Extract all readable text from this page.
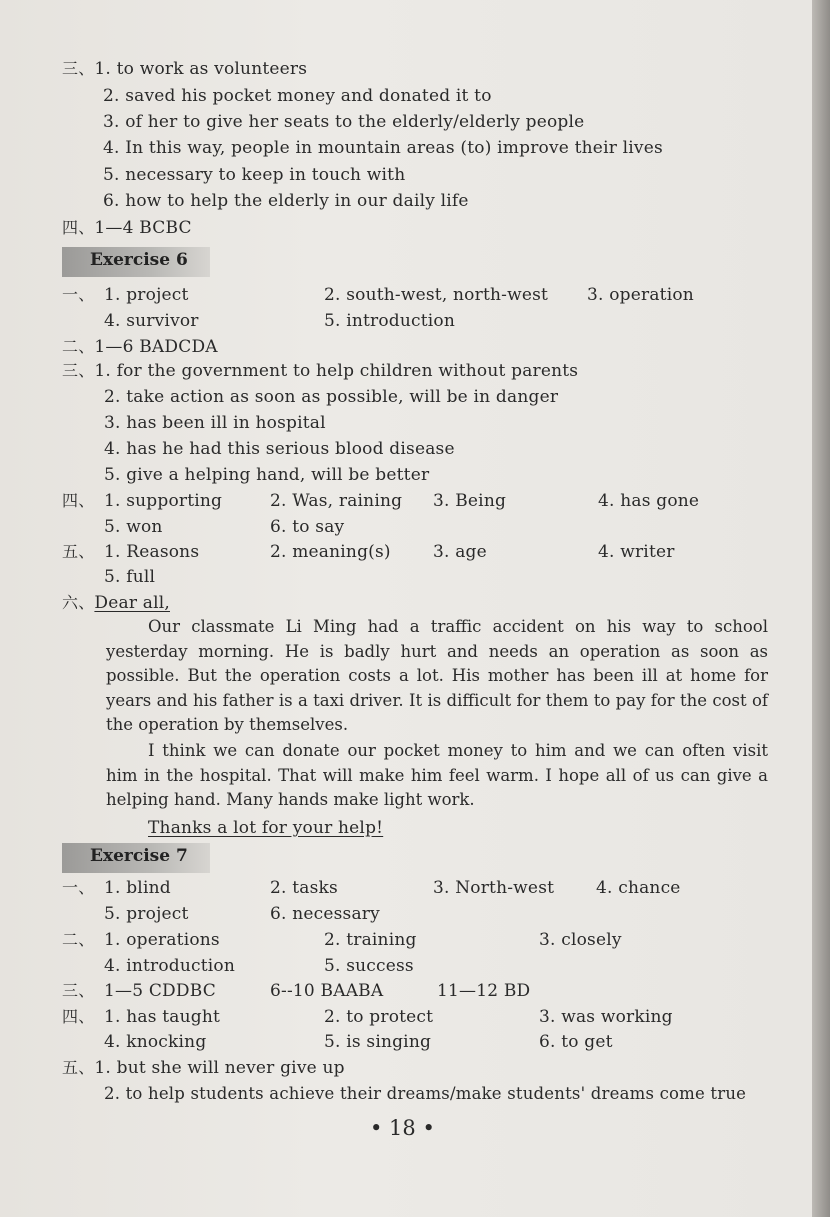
三、1. to work as volunteers
2. saved his pocket money and donated it to
3. of her to give her seats to the elderly/elderly people
4. In this way, people in mountain areas (to) improve their lives
5. necessary to keep in touch with
6. how to help the elderly in our daily life
四、1—4 BCBC
Exercise 6
一、 1. project	2. south-west, north-west 3. operation
4. survivor	5. introduction
二、1—6 BADCDA
三、1. for the government to help children without parents
2. take action as soon as possible, will be in danger
3. has been ill in hospital
4. has he had this serious blood disease
5. give a helping hand, will be better
四、 1. supporting	2. Was, raining 3. Being	4. has gone
5. won	6. to say
五、 1. Reasons	2. meaning(s) 3. age	4. writer
5. full
六、Dear all,
Our classmate Li Ming had a traffic accident on his way to school yesterday morning. He is badly hurt and needs an operation as soon as possible. But the operation costs a lot. His mother has been ill at home for years and his father is a taxi driver. It is difficult for them to pay for the cost of the operation by themselves.
I think we can donate our pocket money to him and we can often visit him in the hospital. That will make him feel warm. I hope all of us can give a helping hand. Many hands make light work.
Thanks a lot for your help!
Exercise 7
一、 1. blind	2. tasks	3. North-west 4. chance
5. project	6. necessary
二、 1. operations	2. training	3. closely
4. introduction	5. success
三、 1—5 CDDBC	6--10 BAABA	11—12 BD
四、 1. has taught	2. to protect	3. was working
4. knocking	5. is singing	6. to get
五、1. but she will never give up
2. to help students achieve their dreams/make students' dreams come true
• 18 •
